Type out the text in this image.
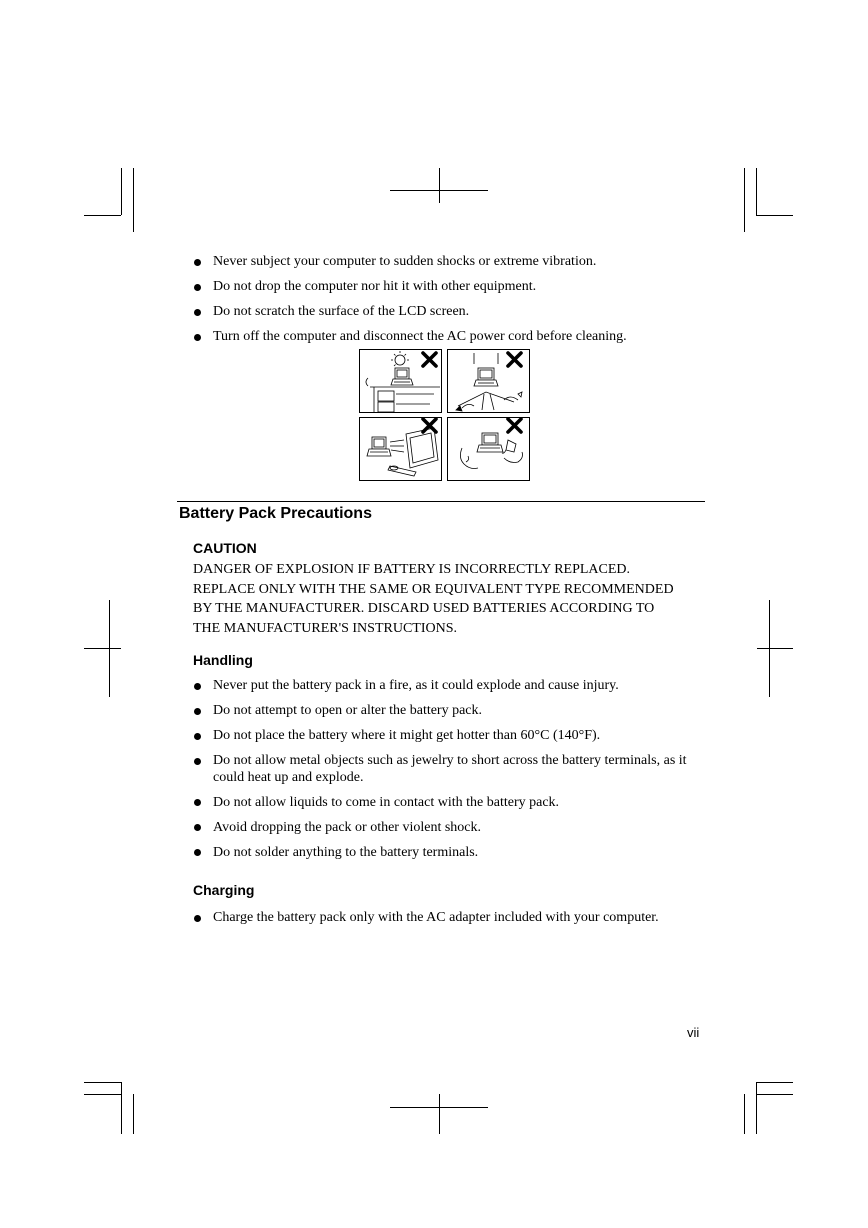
Never subject your computer to sudden shocks or extreme vibration.
Do not drop the computer nor hit it with other equipment.
Do not scratch the surface of the LCD screen.
Turn off the computer and disconnect the AC power cord before cleaning.
Battery Pack Precautions
CAUTION
DANGER OF EXPLOSION IF BATTERY IS INCORRECTLY REPLACED.
REPLACE ONLY WITH THE SAME OR EQUIVALENT TYPE RECOMMENDED
BY THE MANUFACTURER. DISCARD USED BATTERIES ACCORDING TO
THE MANUFACTURER'S INSTRUCTIONS.
Handling
Never put the battery pack in a fire, as it could explode and cause injury.
Do not attempt to open or alter the battery pack.
Do not place the battery where it might get hotter than 60°C (140°F).
Do not allow metal objects such as jewelry to short across the battery terminals, as it could heat up and explode.
Do not allow liquids to come in contact with the battery pack.
Avoid dropping the pack or other violent shock.
Do not solder anything to the battery terminals.
Charging
Charge the battery pack only with the AC adapter included with your computer.
vii
